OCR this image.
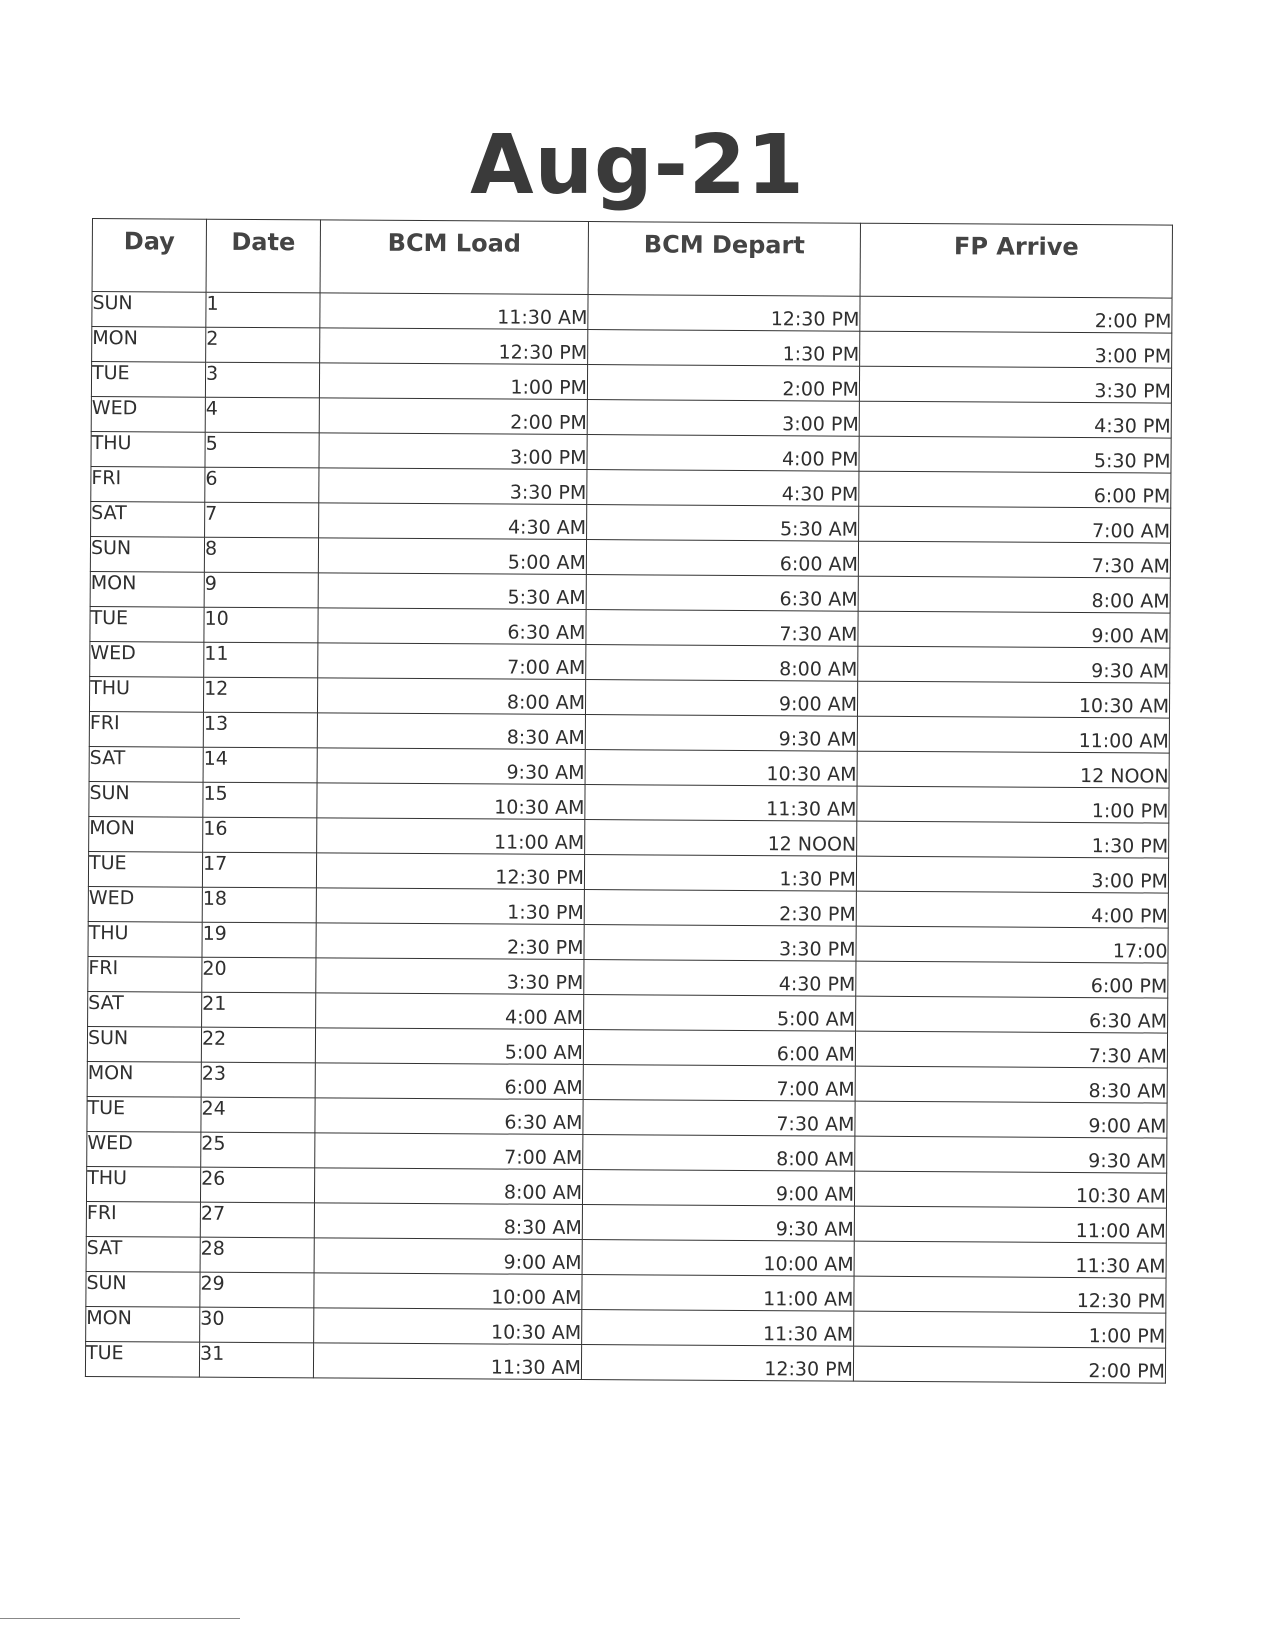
Aug-21
Day	Date	BCM Load	BCM Depart	FP Arrive
SUN	1	11:30 AM	12:30 PM	2:00 PM
MON	2	12:30 PM	1:30 PM	3:00 PM
TUE	3	1:00 PM	2:00 PM	3:30 PM
WED	4	2:00 PM	3:00 PM	4:30 PM
THU	5	3:00 PM	4:00 PM	5:30 PM
FRI	6	3:30 PM	4:30 PM	6:00 PM
SAT	7	4:30 AM	5:30 AM	7:00 AM
SUN	8	5:00 AM	6:00 AM	7:30 AM
MON	9	5:30 AM	6:30 AM	8:00 AM
TUE	10	6:30 AM	7:30 AM	9:00 AM
WED	11	7:00 AM	8:00 AM	9:30 AM
THU	12	8:00 AM	9:00 AM	10:30 AM
FRI	13	8:30 AM	9:30 AM	11:00 AM
SAT	14	9:30 AM	10:30 AM	12 NOON
SUN	15	10:30 AM	11:30 AM	1:00 PM
MON	16	11:00 AM	12 NOON	1:30 PM
TUE	17	12:30 PM	1:30 PM	3:00 PM
WED	18	1:30 PM	2:30 PM	4:00 PM
THU	19	2:30 PM	3:30 PM	17:00
FRI	20	3:30 PM	4:30 PM	6:00 PM
SAT	21	4:00 AM	5:00 AM	6:30 AM
SUN	22	5:00 AM	6:00 AM	7:30 AM
MON	23	6:00 AM	7:00 AM	8:30 AM
TUE	24	6:30 AM	7:30 AM	9:00 AM
WED	25	7:00 AM	8:00 AM	9:30 AM
THU	26	8:00 AM	9:00 AM	10:30 AM
FRI	27	8:30 AM	9:30 AM	11:00 AM
SAT	28	9:00 AM	10:00 AM	11:30 AM
SUN	29	10:00 AM	11:00 AM	12:30 PM
MON	30	10:30 AM	11:30 AM	1:00 PM
TUE	31	11:30 AM	12:30 PM	2:00 PM
